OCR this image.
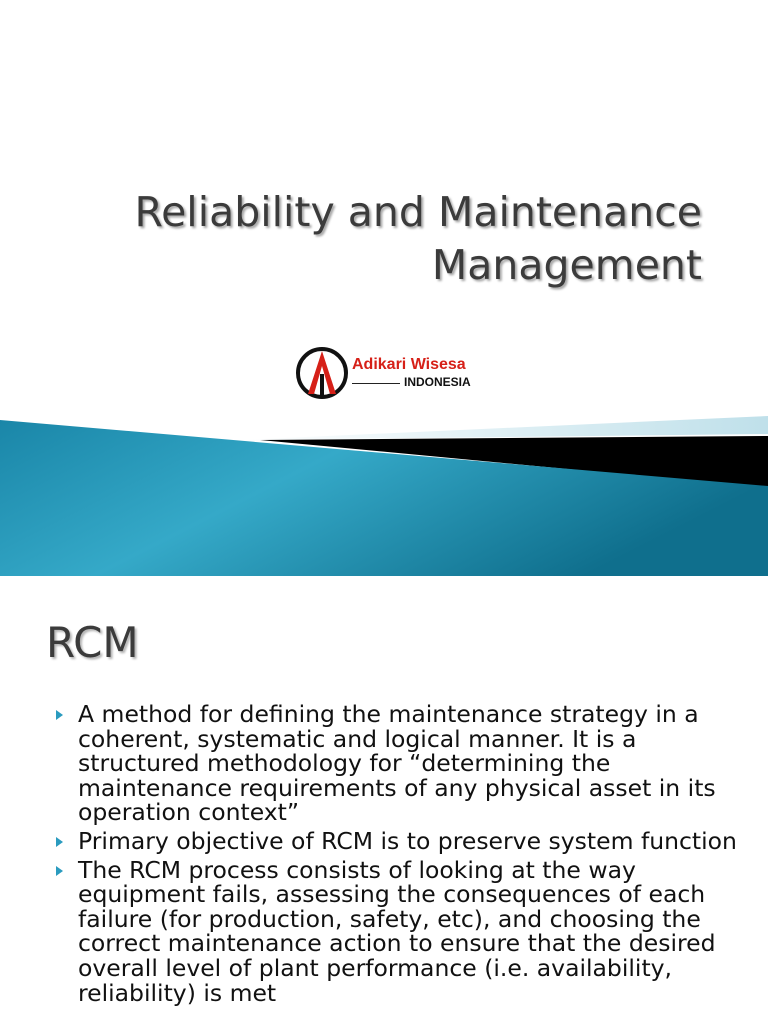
Reliability and Maintenance
Management
Adikari Wisesa
INDONESIA
RCM
A method for defining the maintenance strategy in a coherent, systematic and logical manner. It is a structured methodology for “determining the maintenance requirements of any physical asset in its operation context”
Primary objective of RCM is to preserve system function
The RCM process consists of looking at the way equipment fails, assessing the consequences of each failure (for production, safety, etc), and choosing the correct maintenance action to ensure that the desired overall level of plant performance (i.e. availability, reliability) is met
